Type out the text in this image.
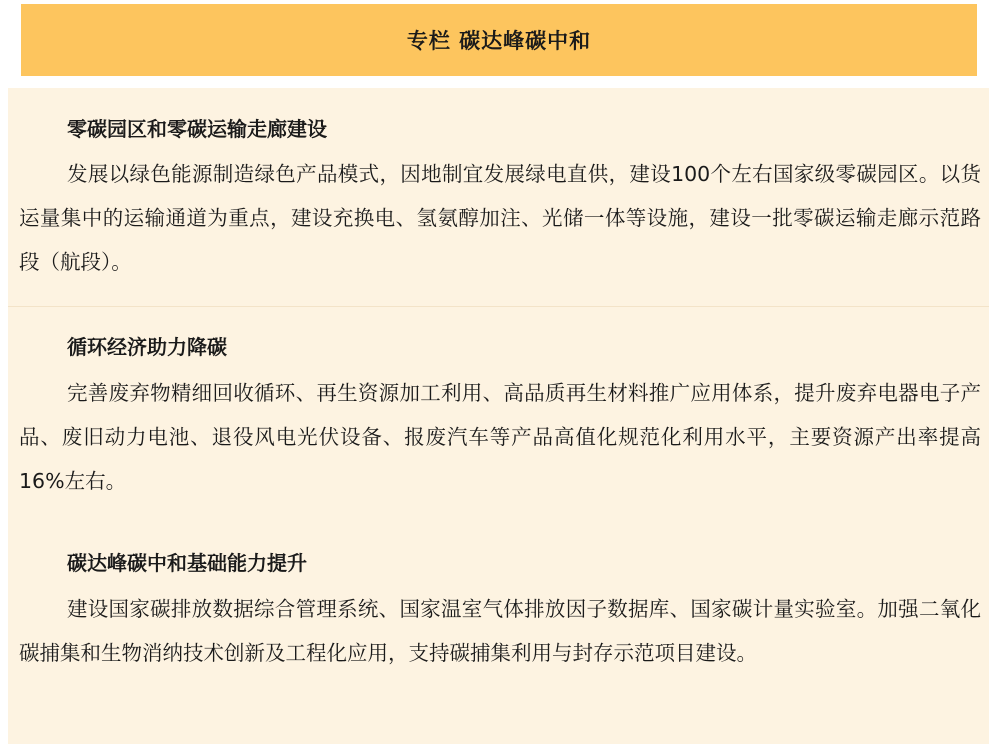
专栏 碳达峰碳中和
零碳园区和零碳运输走廊建设
发展以绿色能源制造绿色产品模式，因地制宜发展绿电直供，建设100个左右国家级零碳园区。以货运量集中的运输通道为重点，建设充换电、氢氨醇加注、光储一体等设施，建设一批零碳运输走廊示范路段（航段）。
循环经济助力降碳
完善废弃物精细回收循环、再生资源加工利用、高品质再生材料推广应用体系，提升废弃电器电子产品、废旧动力电池、退役风电光伏设备、报废汽车等产品高值化规范化利用水平，主要资源产出率提高16%左右。
碳达峰碳中和基础能力提升
建设国家碳排放数据综合管理系统、国家温室气体排放因子数据库、国家碳计量实验室。加强二氧化碳捕集和生物消纳技术创新及工程化应用，支持碳捕集利用与封存示范项目建设。
